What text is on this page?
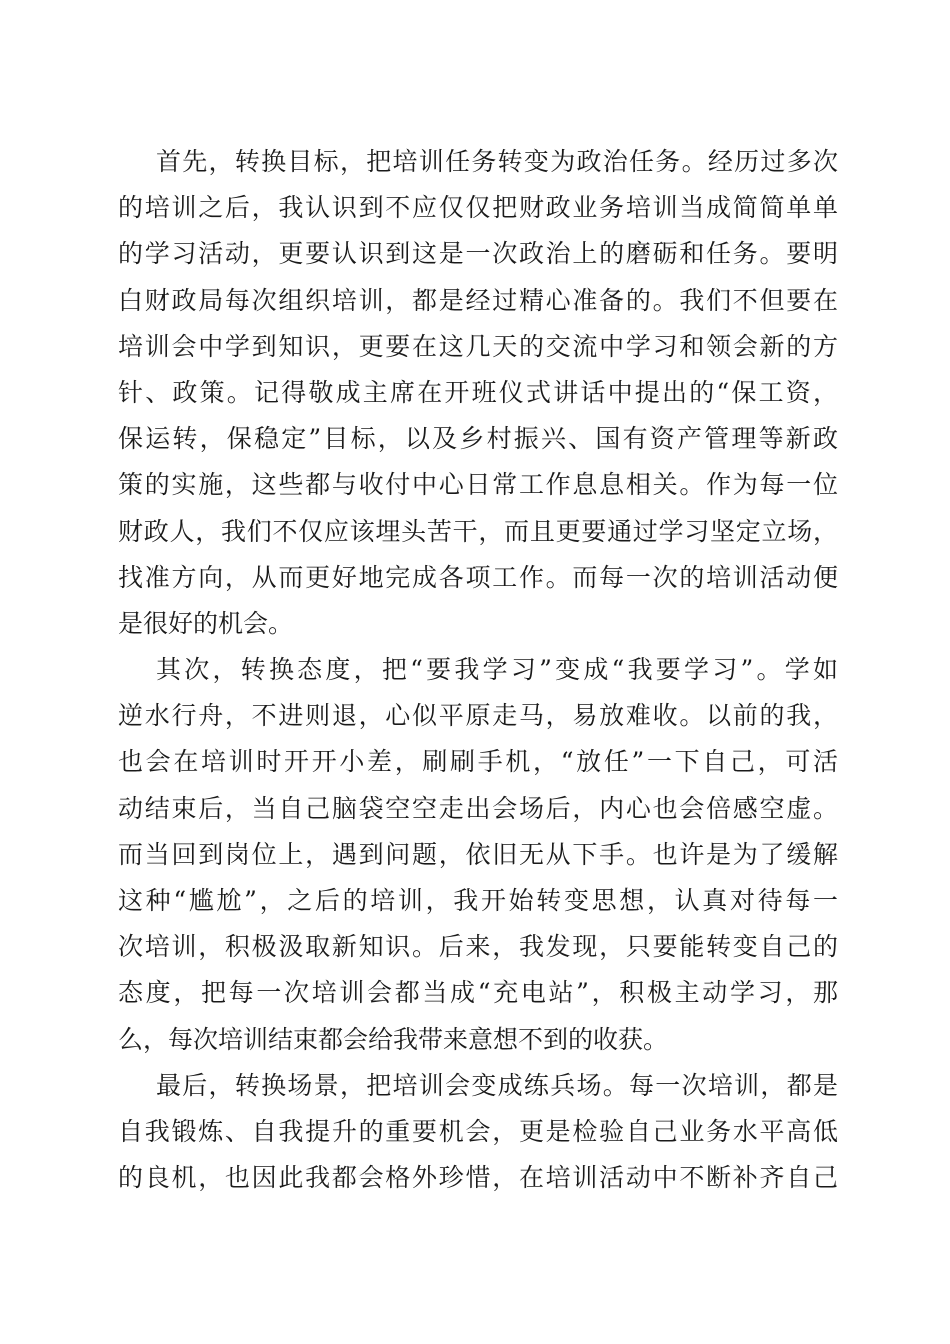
首先，转换目标，把培训任务转变为政治任务。经历过多次
的培训之后，我认识到不应仅仅把财政业务培训当成简简单单
的学习活动，更要认识到这是一次政治上的磨砺和任务。要明
白财政局每次组织培训，都是经过精心准备的。我们不但要在
培训会中学到知识，更要在这几天的交流中学习和领会新的方
针、政策。记得敬成主席在开班仪式讲话中提出的“保工资，
保运转，保稳定”目标，以及乡村振兴、国有资产管理等新政
策的实施，这些都与收付中心日常工作息息相关。作为每一位
财政人，我们不仅应该埋头苦干，而且更要通过学习坚定立场，
找准方向，从而更好地完成各项工作。而每一次的培训活动便
是很好的机会。
其次，转换态度，把“要我学习”变成“我要学习”。学如
逆水行舟，不进则退，心似平原走马，易放难收。以前的我，
也会在培训时开开小差，刷刷手机，“放任”一下自己，可活
动结束后，当自己脑袋空空走出会场后，内心也会倍感空虚。
而当回到岗位上，遇到问题，依旧无从下手。也许是为了缓解
这种“尴尬”，之后的培训，我开始转变思想，认真对待每一
次培训，积极汲取新知识。后来，我发现，只要能转变自己的
态度，把每一次培训会都当成“充电站”，积极主动学习，那
么，每次培训结束都会给我带来意想不到的收获。
最后，转换场景，把培训会变成练兵场。每一次培训，都是
自我锻炼、自我提升的重要机会，更是检验自己业务水平高低
的良机，也因此我都会格外珍惜，在培训活动中不断补齐自己
